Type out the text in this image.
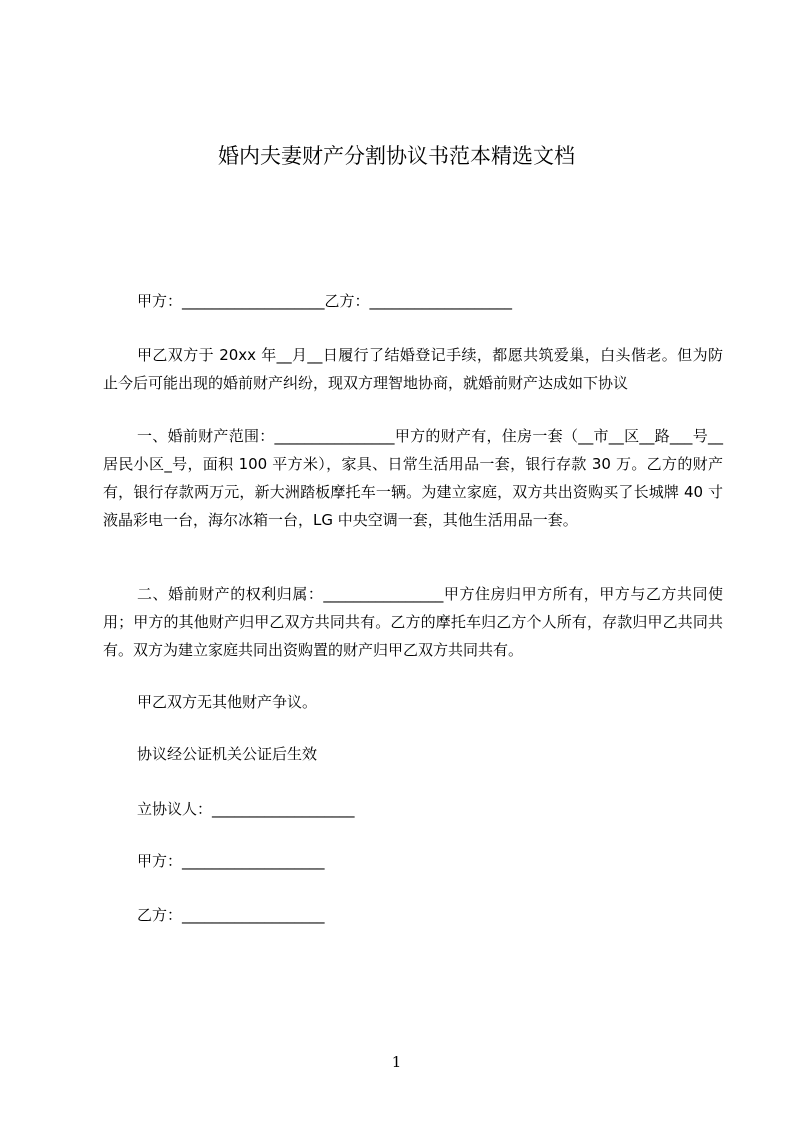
婚内夫妻财产分割协议书范本精选文档
甲方：___________________乙方：___________________
甲乙双方于 20xx 年__月__日履行了结婚登记手续，都愿共筑爱巢，白头偕老。但为防止今后可能出现的婚前财产纠纷，现双方理智地协商，就婚前财产达成如下协议
一、婚前财产范围：________________甲方的财产有，住房一套（__市__区__路___号__居民小区_号，面积 100 平方米），家具、日常生活用品一套，银行存款 30 万。乙方的财产有，银行存款两万元，新大洲踏板摩托车一辆。为建立家庭，双方共出资购买了长城牌 40 寸液晶彩电一台，海尔冰箱一台，LG 中央空调一套，其他生活用品一套。
二、婚前财产的权利归属：________________甲方住房归甲方所有，甲方与乙方共同使用；甲方的其他财产归甲乙双方共同共有。乙方的摩托车归乙方个人所有，存款归甲乙共同共有。双方为建立家庭共同出资购置的财产归甲乙双方共同共有。
甲乙双方无其他财产争议。
协议经公证机关公证后生效
立协议人：___________________
甲方：___________________
乙方：___________________
1
